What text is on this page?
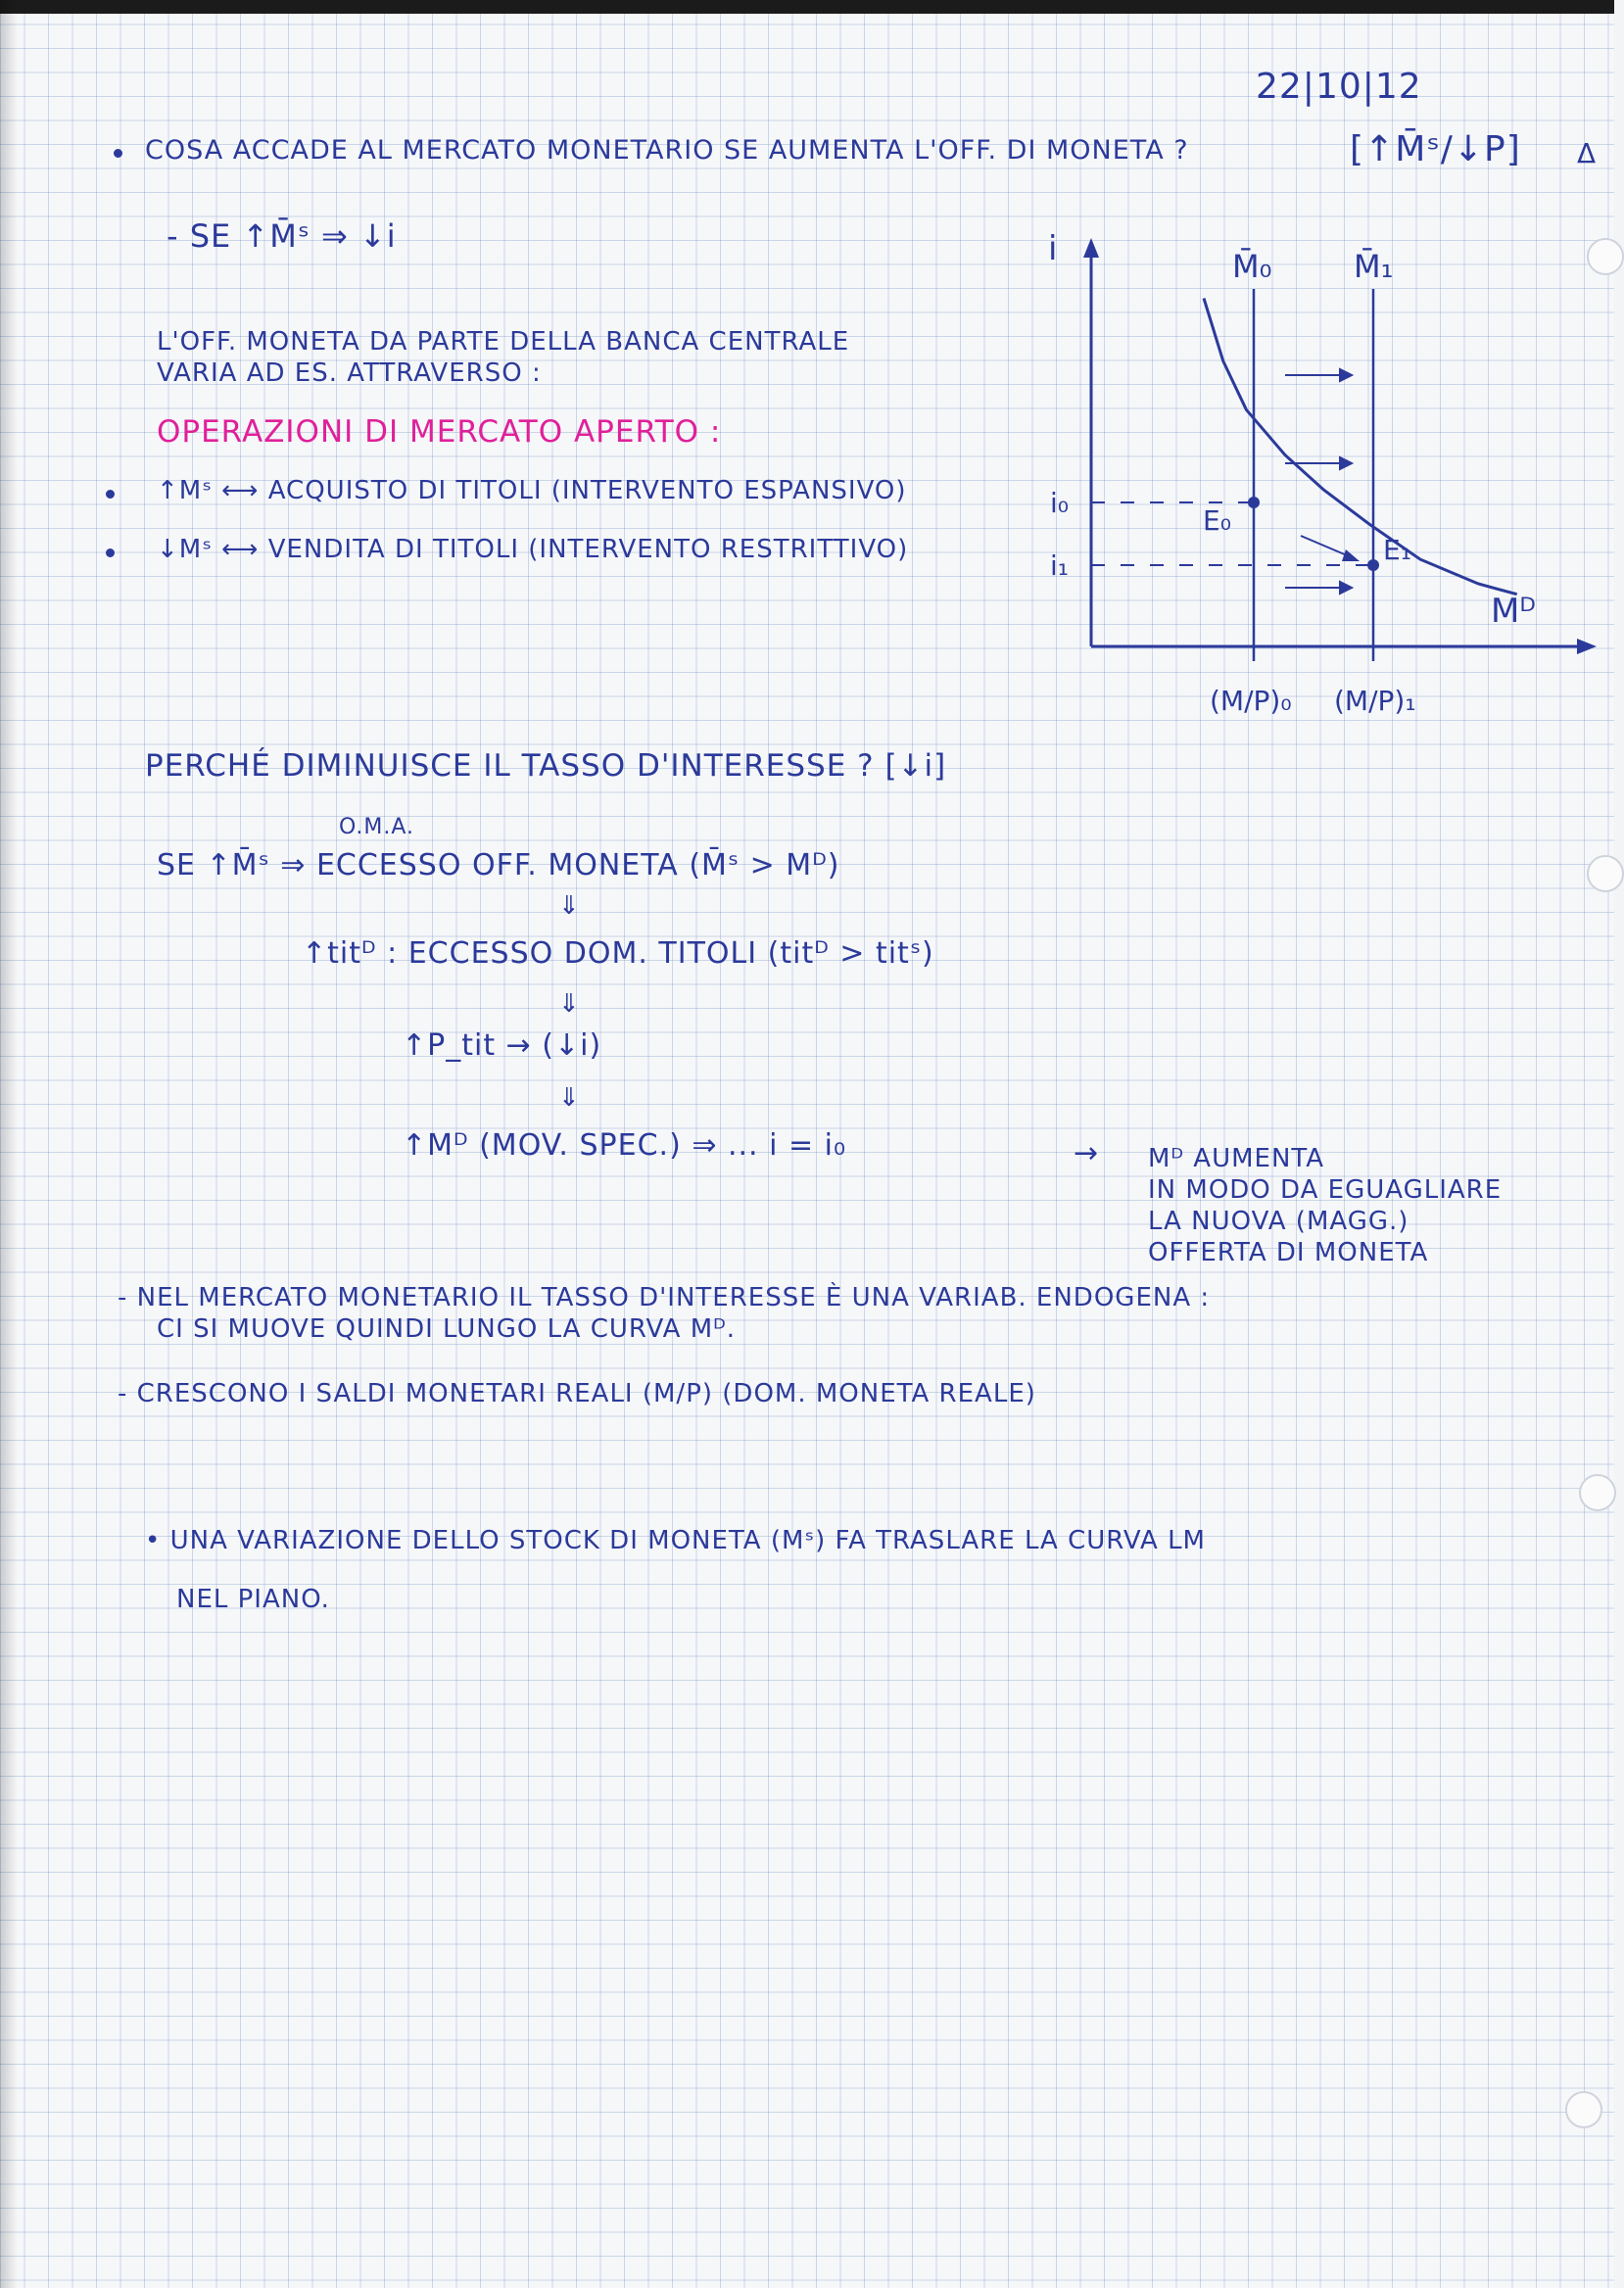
22|10|12
COSA ACCADE AL MERCATO MONETARIO SE AUMENTA L'OFF. DI MONETA ?	[↑M̄ˢ/↓P] Δ
- SE ↑M̄ˢ ⇒ ↓i
L'OFF. MONETA DA PARTE DELLA BANCA CENTRALE
VARIA AD ES. ATTRAVERSO :
OPERAZIONI DI MERCATO APERTO :
↑Mˢ ⟷ ACQUISTO DI TITOLI (INTERVENTO ESPANSIVO)
↓Mˢ ⟷ VENDITA DI TITOLI (INTERVENTO RESTRITTIVO)
i	M̄₀	M̄₁
(M/P)₀ (M/P)₁
i₀
i₁
Mᴰ
E₀
E₁
PERCHÉ DIMINUISCE IL TASSO D'INTERESSE ? [↓i]
O.M.A.
SE ↑M̄ˢ ⇒ ECCESSO OFF. MONETA (M̄ˢ > Mᴰ)
⇓
↑titᴰ : ECCESSO DOM. TITOLI (titᴰ > titˢ)
⇓
↑P_tit → (↓i)
⇓
↑Mᴰ (MOV. SPEC.) ⇒ ... i = i₀	→ Mᴰ AUMENTA
IN MODO DA EGUAGLIARE
LA NUOVA (MAGG.)
OFFERTA DI MONETA
- NEL MERCATO MONETARIO IL TASSO D'INTERESSE È UNA VARIAB. ENDOGENA :
CI SI MUOVE QUINDI LUNGO LA CURVA Mᴰ.
- CRESCONO I SALDI MONETARI REALI (M/P) (DOM. MONETA REALE)
• UNA VARIAZIONE DELLO STOCK DI MONETA (Mˢ) FA TRASLARE LA CURVA LM
NEL PIANO.
